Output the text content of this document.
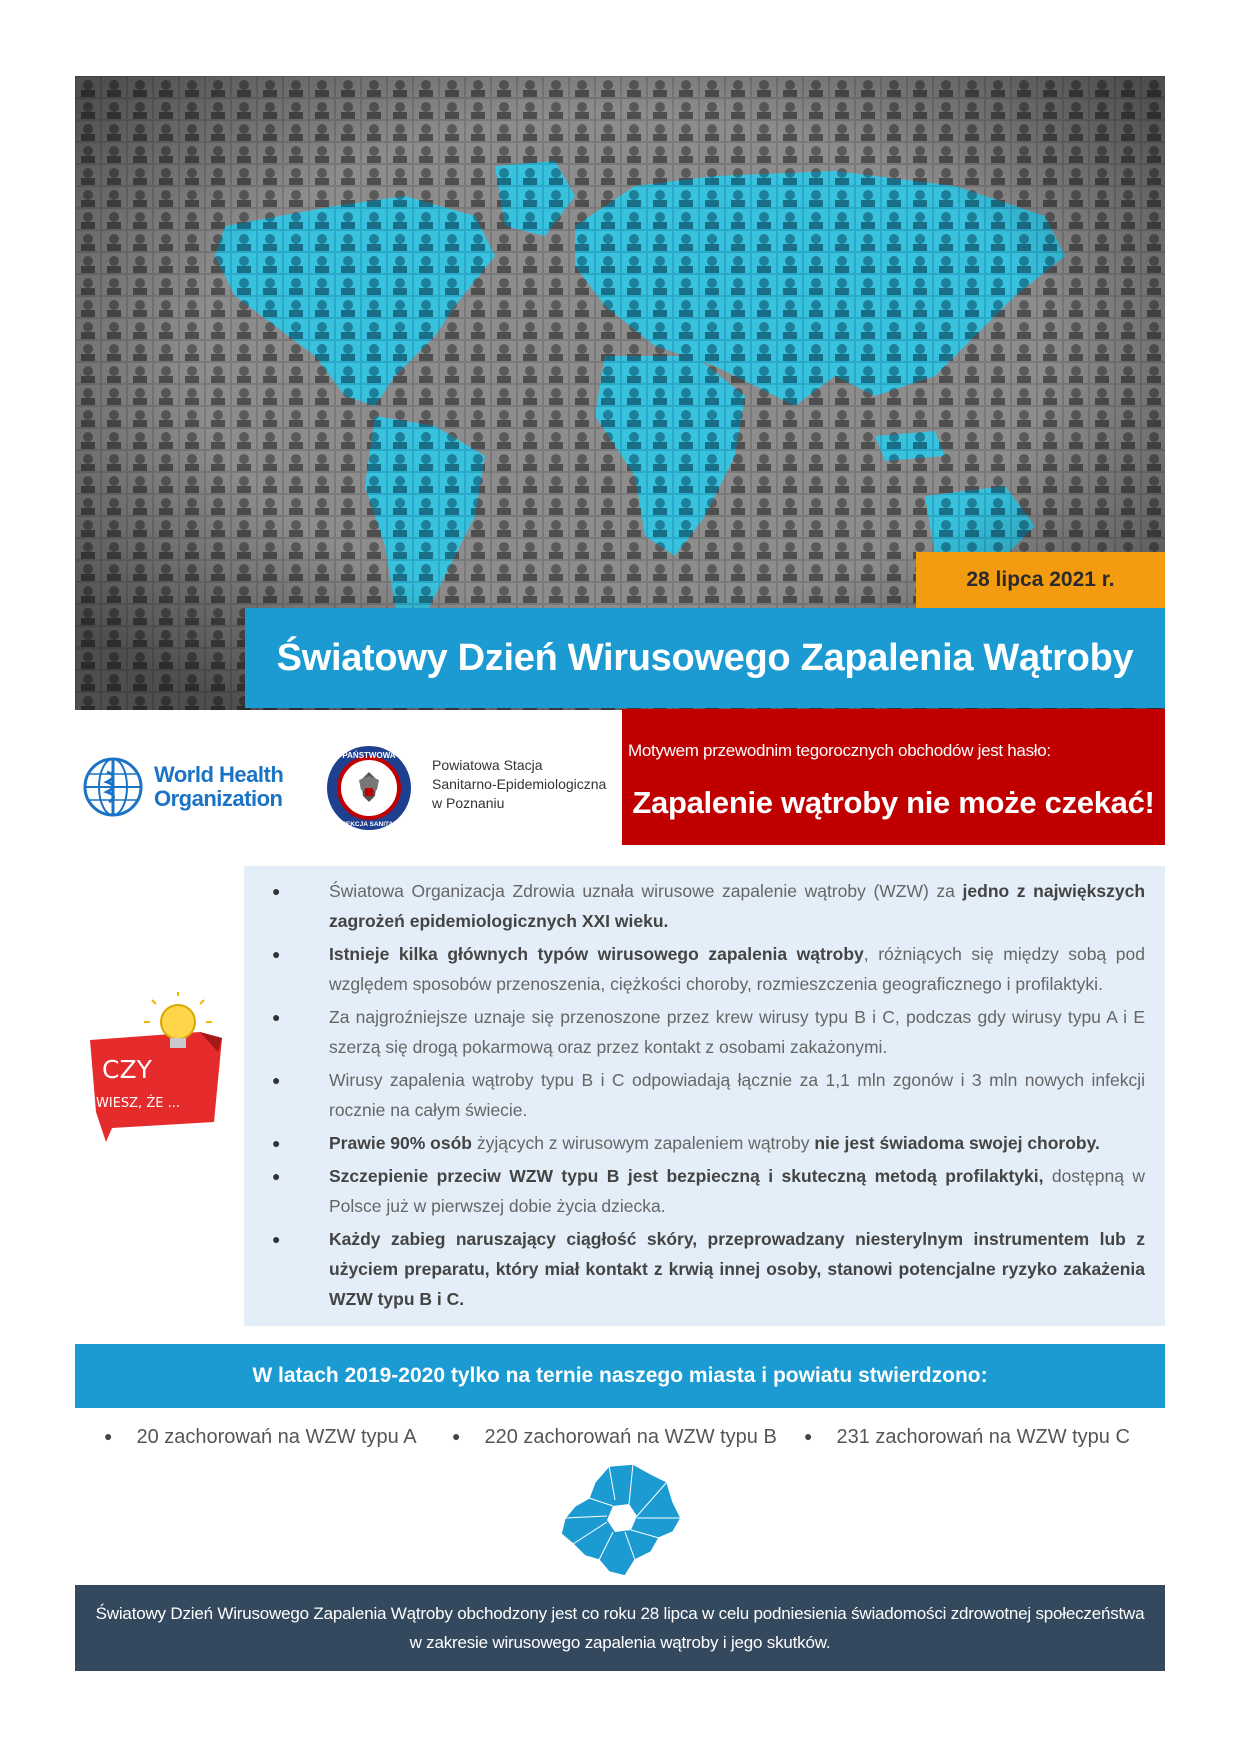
28 lipca 2021 r.
Światowy Dzień Wirusowego Zapalenia Wątroby
World Health
Organization
PAŃSTWOWA
INSPEKCJA SANITARNA
Powiatowa Stacja
Sanitarno-Epidemiologiczna
w Poznaniu
Motywem przewodnim tegorocznych obchodów jest hasło:
Zapalenie wątroby nie może czekać!
CZY
WIESZ, ŻE ...
●	Światowa Organizacja Zdrowia uznała wirusowe zapalenie wątroby (WZW) za jedno z największych zagrożeń epidemiologicznych XXI wieku.
●	Istnieje kilka głównych typów wirusowego zapalenia wątroby, różniących się między sobą pod względem sposobów przenoszenia, ciężkości choroby, rozmieszczenia geograficznego i profilaktyki.
●	Za najgroźniejsze uznaje się przenoszone przez krew wirusy typu B i C, podczas gdy wirusy typu A i E szerzą się drogą pokarmową oraz przez kontakt z osobami zakażonymi.
●	Wirusy zapalenia wątroby typu B i C odpowiadają łącznie za 1,1 mln zgonów i 3 mln nowych infekcji rocznie na całym świecie.
●	Prawie 90% osób żyjących z wirusowym zapaleniem wątroby nie jest świadoma swojej choroby.
●	Szczepienie przeciw WZW typu B jest bezpieczną i skuteczną metodą profilaktyki, dostępną w Polsce już w pierwszej dobie życia dziecka.
●	Każdy zabieg naruszający ciągłość skóry, przeprowadzany niesterylnym instrumentem lub z użyciem preparatu, który miał kontakt z krwią innej osoby, stanowi potencjalne ryzyko zakażenia WZW typu B i C.
W latach 2019-2020 tylko na ternie naszego miasta i powiatu stwierdzono:
● 20 zachorowań na WZW typu A	● 220 zachorowań na WZW typu B ● 231 zachorowań na WZW typu C
Światowy Dzień Wirusowego Zapalenia Wątroby obchodzony jest co roku 28 lipca w celu podniesienia świadomości zdrowotnej społeczeństwa w zakresie wirusowego zapalenia wątroby i jego skutków.
